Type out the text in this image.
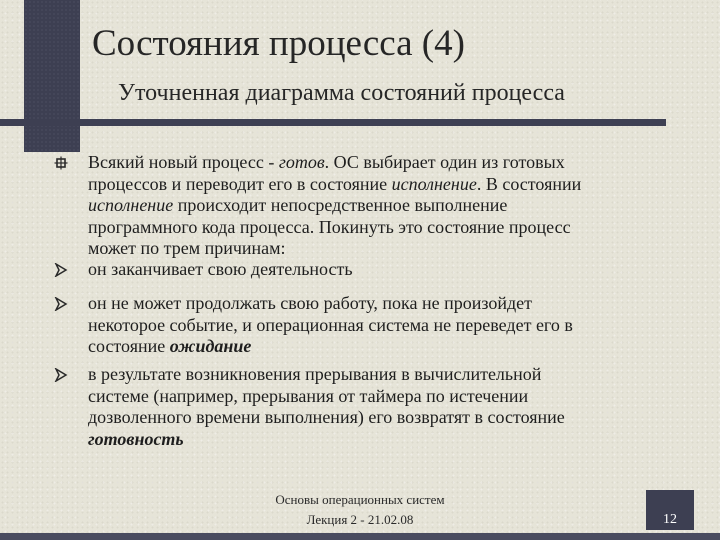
Состояния процесса (4)
Уточненная диаграмма состояний процесса
Всякий новый процесс - готов. ОС выбирает один из готовых
процессов и переводит его в состояние исполнение. В состоянии
исполнение происходит непосредственное выполнение
программного кода процесса. Покинуть это состояние процесс
может по трем причинам:
он заканчивает свою деятельность
он не может продолжать свою работу, пока не произойдет
некоторое событие, и операционная система не переведет его в
состояние ожидание
в результате возникновения прерывания в вычислительной
системе (например, прерывания от таймера по истечении
дозволенного времени выполнения) его возвратят в состояние
готовность
Основы операционных систем
Лекция 2 - 21.02.08	12
